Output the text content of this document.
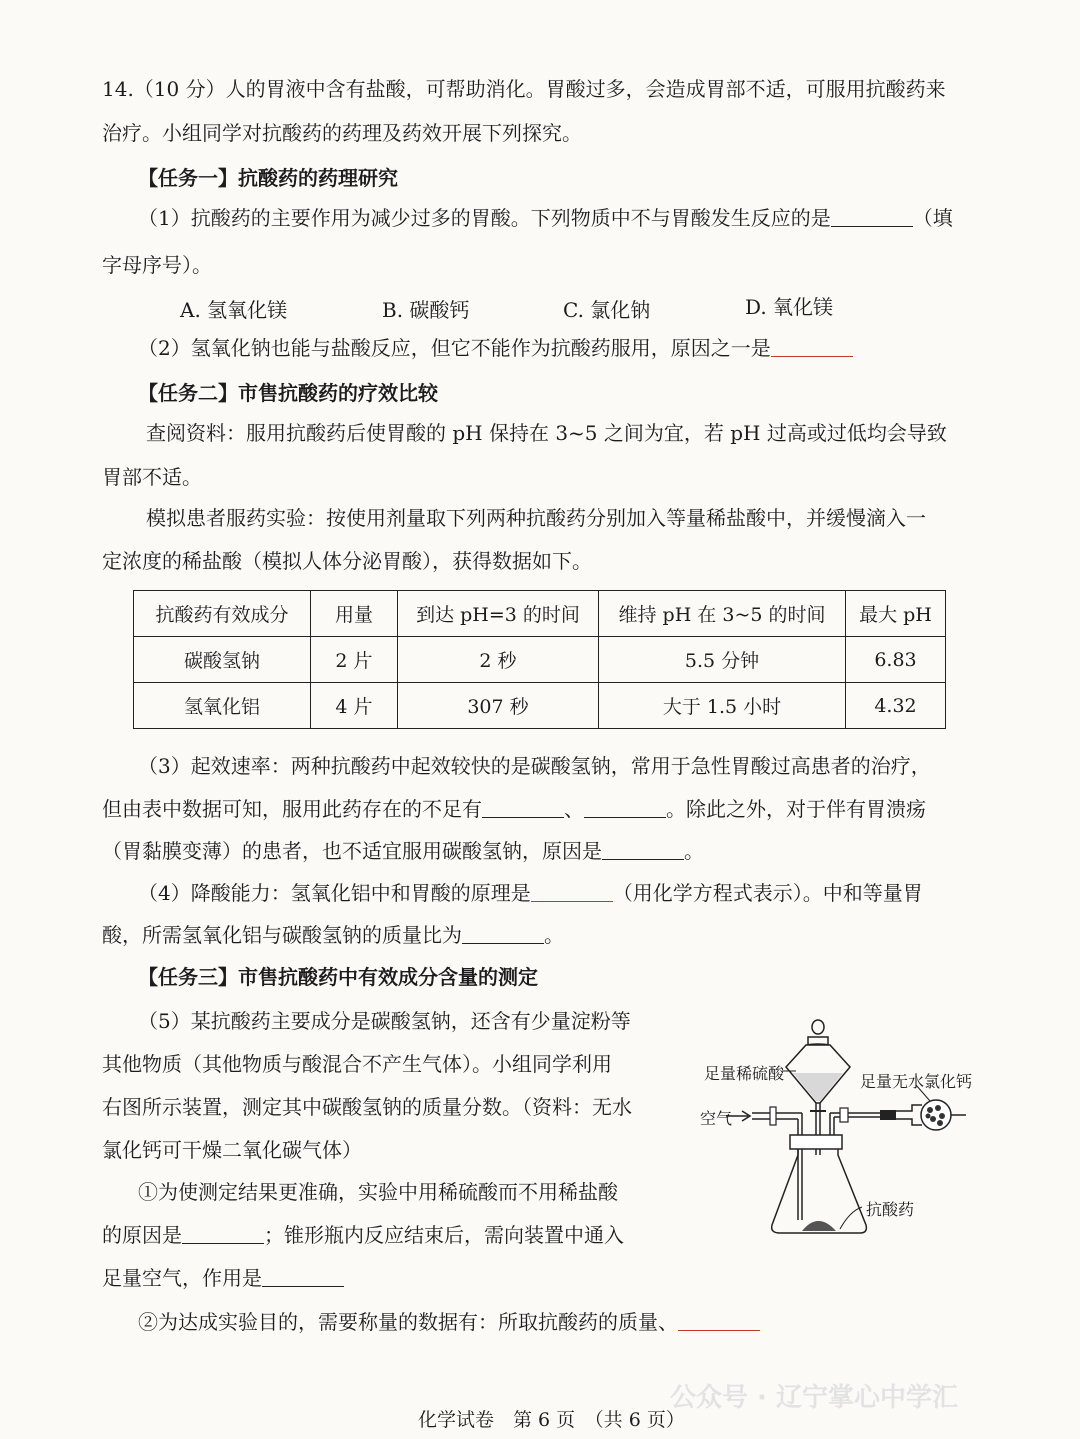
14.（10 分）人的胃液中含有盐酸，可帮助消化。胃酸过多，会造成胃部不适，可服用抗酸药来
治疗。小组同学对抗酸药的药理及药效开展下列探究。
【任务一】抗酸药的药理研究
（1）抗酸药的主要作用为减少过多的胃酸。下列物质中不与胃酸发生反应的是	（填
字母序号）。
A. 氢氧化镁	B. 碳酸钙	C. 氯化钠	D. 氧化镁
（2）氢氧化钠也能与盐酸反应，但它不能作为抗酸药服用，原因之一是
【任务二】市售抗酸药的疗效比较
查阅资料：服用抗酸药后使胃酸的 pH 保持在 3~5 之间为宜，若 pH 过高或过低均会导致
胃部不适。
模拟患者服药实验：按使用剂量取下列两种抗酸药分别加入等量稀盐酸中，并缓慢滴入一
定浓度的稀盐酸（模拟人体分泌胃酸），获得数据如下。
抗酸药有效成分	用量	到达 pH=3 的时间	维持 pH 在 3~5 的时间	最大 pH
碳酸氢钠	2 片	2 秒	5.5 分钟	6.83
氢氧化铝	4 片	307 秒	大于 1.5 小时	4.32
（3）起效速率：两种抗酸药中起效较快的是碳酸氢钠，常用于急性胃酸过高患者的治疗，
但由表中数据可知，服用此药存在的不足有	、	。除此之外，对于伴有胃溃疡
（胃黏膜变薄）的患者，也不适宜服用碳酸氢钠，原因是	。
（4）降酸能力：氢氧化铝中和胃酸的原理是	（用化学方程式表示）。中和等量胃
酸，所需氢氧化铝与碳酸氢钠的质量比为	。
【任务三】市售抗酸药中有效成分含量的测定
（5）某抗酸药主要成分是碳酸氢钠，还含有少量淀粉等
其他物质（其他物质与酸混合不产生气体）。小组同学利用
右图所示装置，测定其中碳酸氢钠的质量分数。（资料：无水
氯化钙可干燥二氧化碳气体）
①为使测定结果更准确，实验中用稀硫酸而不用稀盐酸
的原因是	；锥形瓶内反应结束后，需向装置中通入
足量空气，作用是
②为达成实验目的，需要称量的数据有：所取抗酸药的质量、
足量稀硫酸	足量无水氯化钙
空气
抗酸药
公众号 · 辽宁掌心中学汇
化学试卷　第 6 页　（共 6 页）
